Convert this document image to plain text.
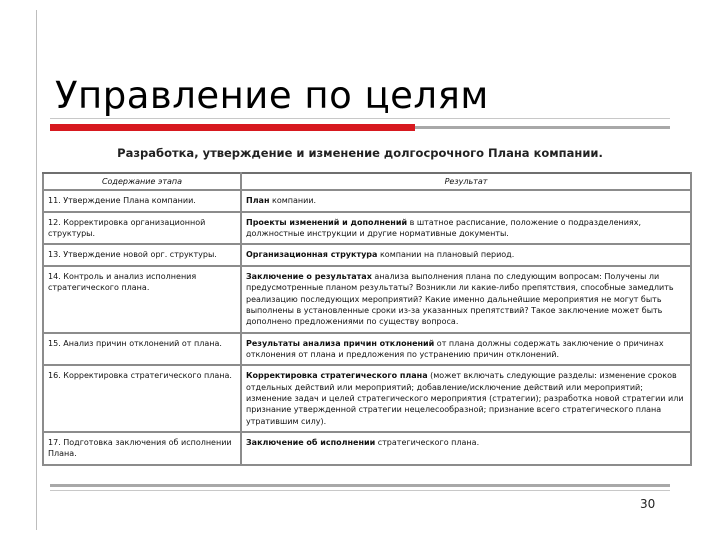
Управление по целям
Разработка, утверждение и изменение долгосрочного Плана компании.
Содержание этапа	Результат
11. Утверждение Плана компании.	План компании.
12. Корректировка организационной структуры.	Проекты изменений и дополнений в штатное расписание, положение о подразделениях, должностные инструкции и другие нормативные документы.
13. Утверждение новой орг. структуры.	Организационная структура компании на плановый период.
14. Контроль и анализ исполнения стратегического плана.	Заключение о результатах анализа выполнения плана по следующим вопросам: Получены ли предусмотренные планом результаты? Возникли ли какие-либо препятствия, способные замедлить реализацию последующих мероприятий? Какие именно дальнейшие мероприятия не могут быть выполнены в установленные сроки из-за указанных препятствий? Такое заключение может быть дополнено предложениями по существу вопроса.
15. Анализ причин отклонений от плана.	Результаты анализа причин отклонений от плана должны содержать заключение о причинах отклонения от плана и предложения по устранению причин отклонений.
16. Корректировка стратегического плана.	Корректировка стратегического плана (может включать следующие разделы: изменение сроков отдельных действий или мероприятий; добавление/исключение действий или мероприятий; изменение задач и целей стратегического мероприятия (стратегии); разработка новой стратегии или признание утвержденной стратегии нецелесообразной; признание всего стратегического плана утратившим силу).
17. Подготовка заключения об исполнении Плана.	Заключение об исполнении стратегического плана.
30
